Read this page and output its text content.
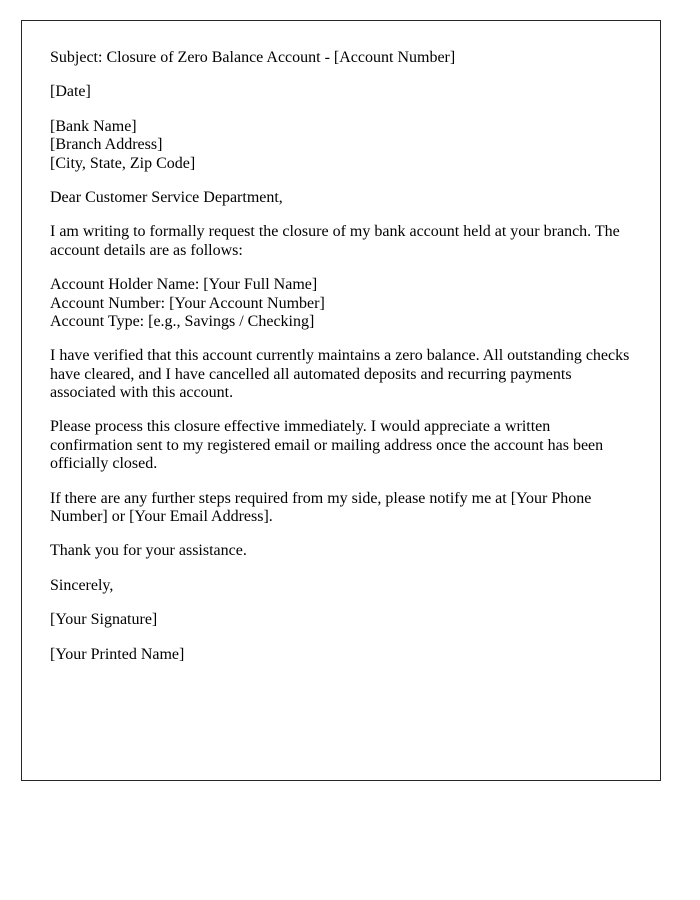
Subject: Closure of Zero Balance Account - [Account Number]

[Date]

[Bank Name]
[Branch Address]
[City, State, Zip Code]

Dear Customer Service Department,

I am writing to formally request the closure of my bank account held at your branch. The account details are as follows:

Account Holder Name: [Your Full Name]
Account Number: [Your Account Number]
Account Type: [e.g., Savings / Checking]

I have verified that this account currently maintains a zero balance. All outstanding checks have cleared, and I have cancelled all automated deposits and recurring payments associated with this account.

Please process this closure effective immediately. I would appreciate a written confirmation sent to my registered email or mailing address once the account has been officially closed.

If there are any further steps required from my side, please notify me at [Your Phone Number] or [Your Email Address].

Thank you for your assistance.

Sincerely,

[Your Signature]

[Your Printed Name]
